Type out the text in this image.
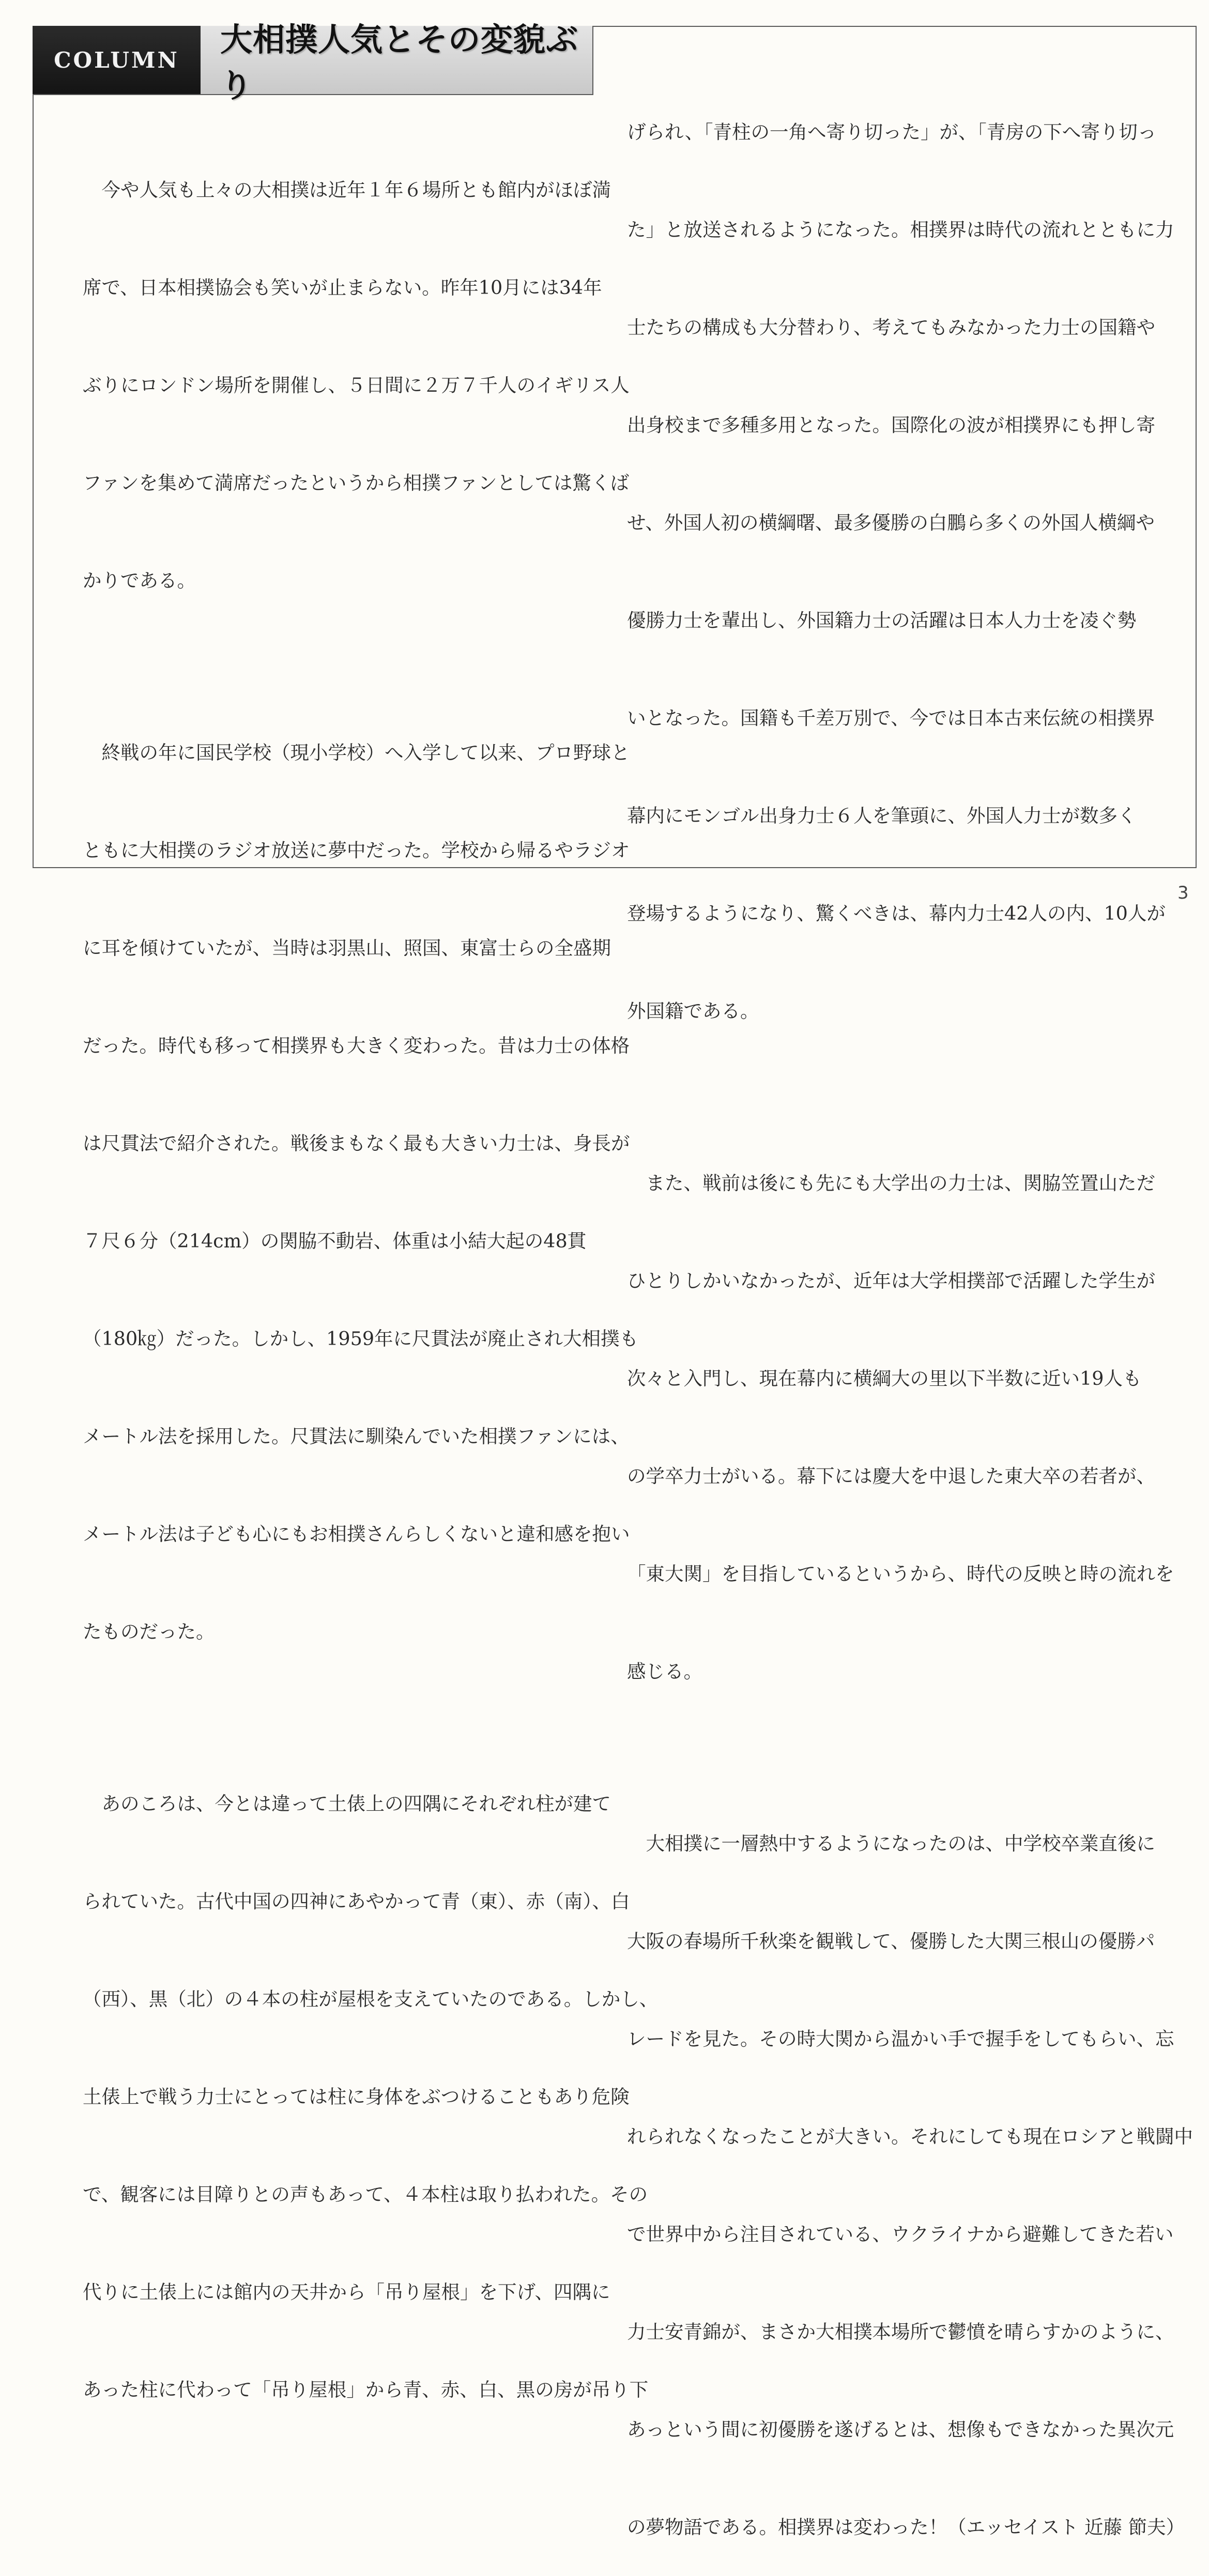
COLUMN
大相撲人気とその変貌ぶり

　今や人気も上々の大相撲は近年１年６場所とも館内がほぼ満

席で、日本相撲協会も笑いが止まらない。昨年10月には34年

ぶりにロンドン場所を開催し、５日間に２万７千人のイギリス人

ファンを集めて満席だったというから相撲ファンとしては驚くば

かりである。

　終戦の年に国民学校（現小学校）へ入学して以来、プロ野球と

ともに大相撲のラジオ放送に夢中だった。学校から帰るやラジオ

に耳を傾けていたが、当時は羽黒山、照国、東富士らの全盛期

だった。時代も移って相撲界も大きく変わった。昔は力士の体格

は尺貫法で紹介された。戦後まもなく最も大きい力士は、身長が

７尺６分（214cm）の関脇不動岩、体重は小結大起の48貫

（180㎏）だった。しかし、1959年に尺貫法が廃止され大相撲も

メートル法を採用した。尺貫法に馴染んでいた相撲ファンには、

メートル法は子ども心にもお相撲さんらしくないと違和感を抱い

たものだった。

　あのころは、今とは違って土俵上の四隅にそれぞれ柱が建て

られていた。古代中国の四神にあやかって青（東）、赤（南）、白

（西）、黒（北）の４本の柱が屋根を支えていたのである。しかし、

土俵上で戦う力士にとっては柱に身体をぶつけることもあり危険

で、観客には目障りとの声もあって、４本柱は取り払われた。その

代りに土俵上には館内の天井から「吊り屋根」を下げ、四隅に

あった柱に代わって「吊り屋根」から青、赤、白、黒の房が吊り下

げられ、「青柱の一角へ寄り切った」が、「青房の下へ寄り切っ

た」と放送されるようになった。相撲界は時代の流れとともに力

士たちの構成も大分替わり、考えてもみなかった力士の国籍や

出身校まで多種多用となった。国際化の波が相撲界にも押し寄

せ、外国人初の横綱曙、最多優勝の白鵬ら多くの外国人横綱や

優勝力士を輩出し、外国籍力士の活躍は日本人力士を凌ぐ勢

いとなった。国籍も千差万別で、今では日本古来伝統の相撲界

幕内にモンゴル出身力士６人を筆頭に、外国人力士が数多く

登場するようになり、驚くべきは、幕内力士42人の内、10人が

外国籍である。

　また、戦前は後にも先にも大学出の力士は、関脇笠置山ただ

ひとりしかいなかったが、近年は大学相撲部で活躍した学生が

次々と入門し、現在幕内に横綱大の里以下半数に近い19人も

の学卒力士がいる。幕下には慶大を中退した東大卒の若者が、

「東大関」を目指しているというから、時代の反映と時の流れを

感じる。

　大相撲に一層熱中するようになったのは、中学校卒業直後に

大阪の春場所千秋楽を観戦して、優勝した大関三根山の優勝パ

レードを見た。その時大関から温かい手で握手をしてもらい、忘

れられなくなったことが大きい。それにしても現在ロシアと戦闘中

で世界中から注目されている、ウクライナから避難してきた若い

力士安青錦が、まさか大相撲本場所で鬱憤を晴らすかのように、

あっという間に初優勝を遂げるとは、想像もできなかった異次元

の夢物語である。相撲界は変わった！（エッセイスト 近藤 節夫）

3
